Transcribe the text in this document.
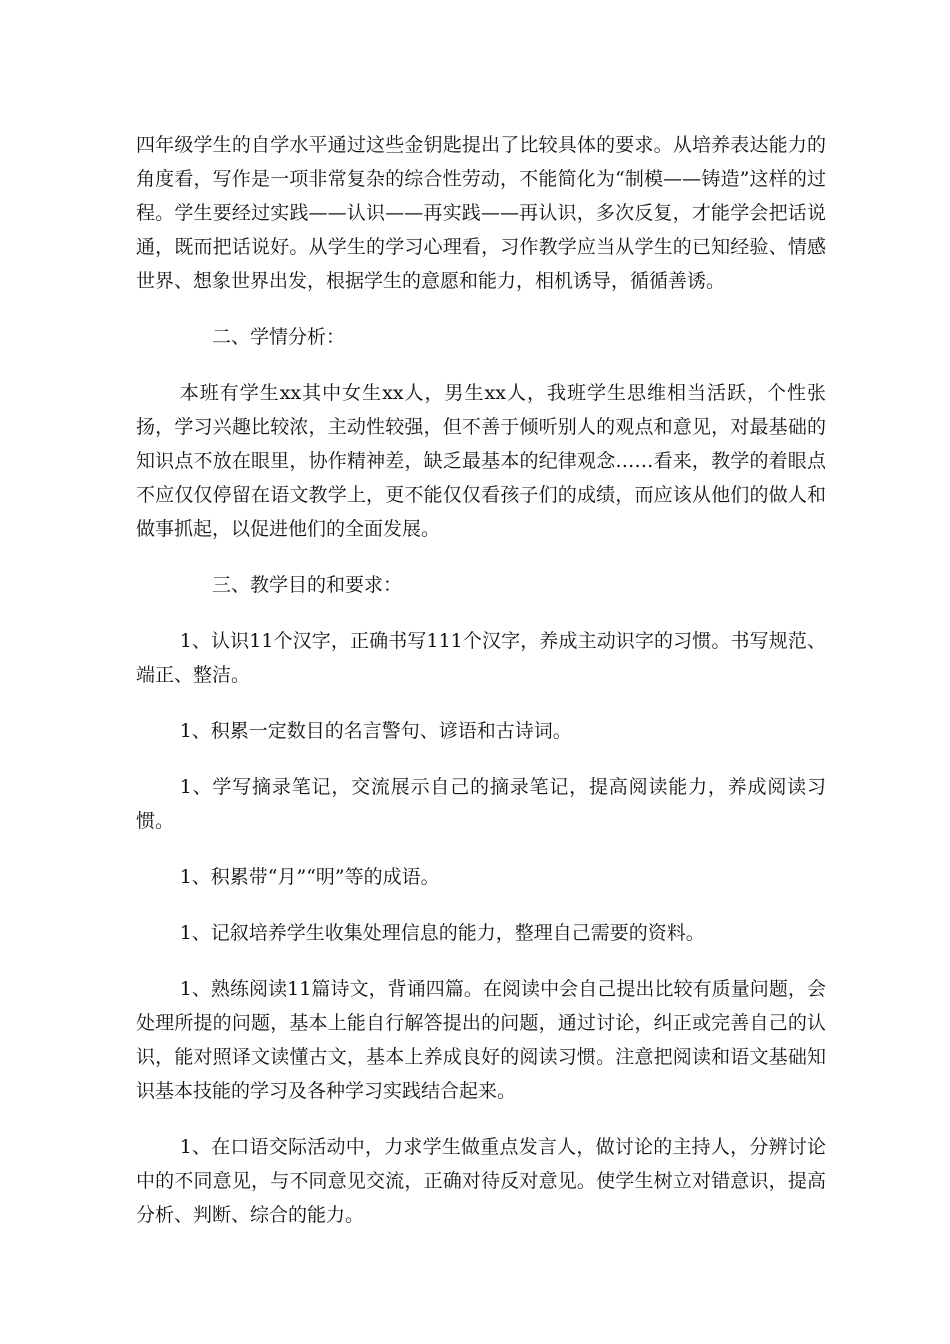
四年级学生的自学水平通过这些金钥匙提出了比较具体的要求。从培养表达能力的角度看，写作是一项非常复杂的综合性劳动，不能简化为“制模——铸造”这样的过程。学生要经过实践——认识——再实践——再认识，多次反复，才能学会把话说通，既而把话说好。从学生的学习心理看，习作教学应当从学生的已知经验、情感世界、想象世界出发，根据学生的意愿和能力，相机诱导，循循善诱。

二、学情分析：

本班有学生xx其中女生xx人，男生xx人，我班学生思维相当活跃，个性张扬，学习兴趣比较浓，主动性较强，但不善于倾听别人的观点和意见，对最基础的知识点不放在眼里，协作精神差，缺乏最基本的纪律观念……看来，教学的着眼点不应仅仅停留在语文教学上，更不能仅仅看孩子们的成绩，而应该从他们的做人和做事抓起，以促进他们的全面发展。

三、教学目的和要求：

1、认识11个汉字，正确书写111个汉字，养成主动识字的习惯。书写规范、端正、整洁。

1、积累一定数目的名言警句、谚语和古诗词。

1、学写摘录笔记，交流展示自己的摘录笔记，提高阅读能力，养成阅读习惯。

1、积累带“月”“明”等的成语。

1、记叙培养学生收集处理信息的能力，整理自己需要的资料。

1、熟练阅读11篇诗文，背诵四篇。在阅读中会自己提出比较有质量问题，会处理所提的问题，基本上能自行解答提出的问题，通过讨论，纠正或完善自己的认识，能对照译文读懂古文，基本上养成良好的阅读习惯。注意把阅读和语文基础知识基本技能的学习及各种学习实践结合起来。

1、在口语交际活动中，力求学生做重点发言人，做讨论的主持人，分辨讨论中的不同意见，与不同意见交流，正确对待反对意见。使学生树立对错意识，提高分析、判断、综合的能力。
